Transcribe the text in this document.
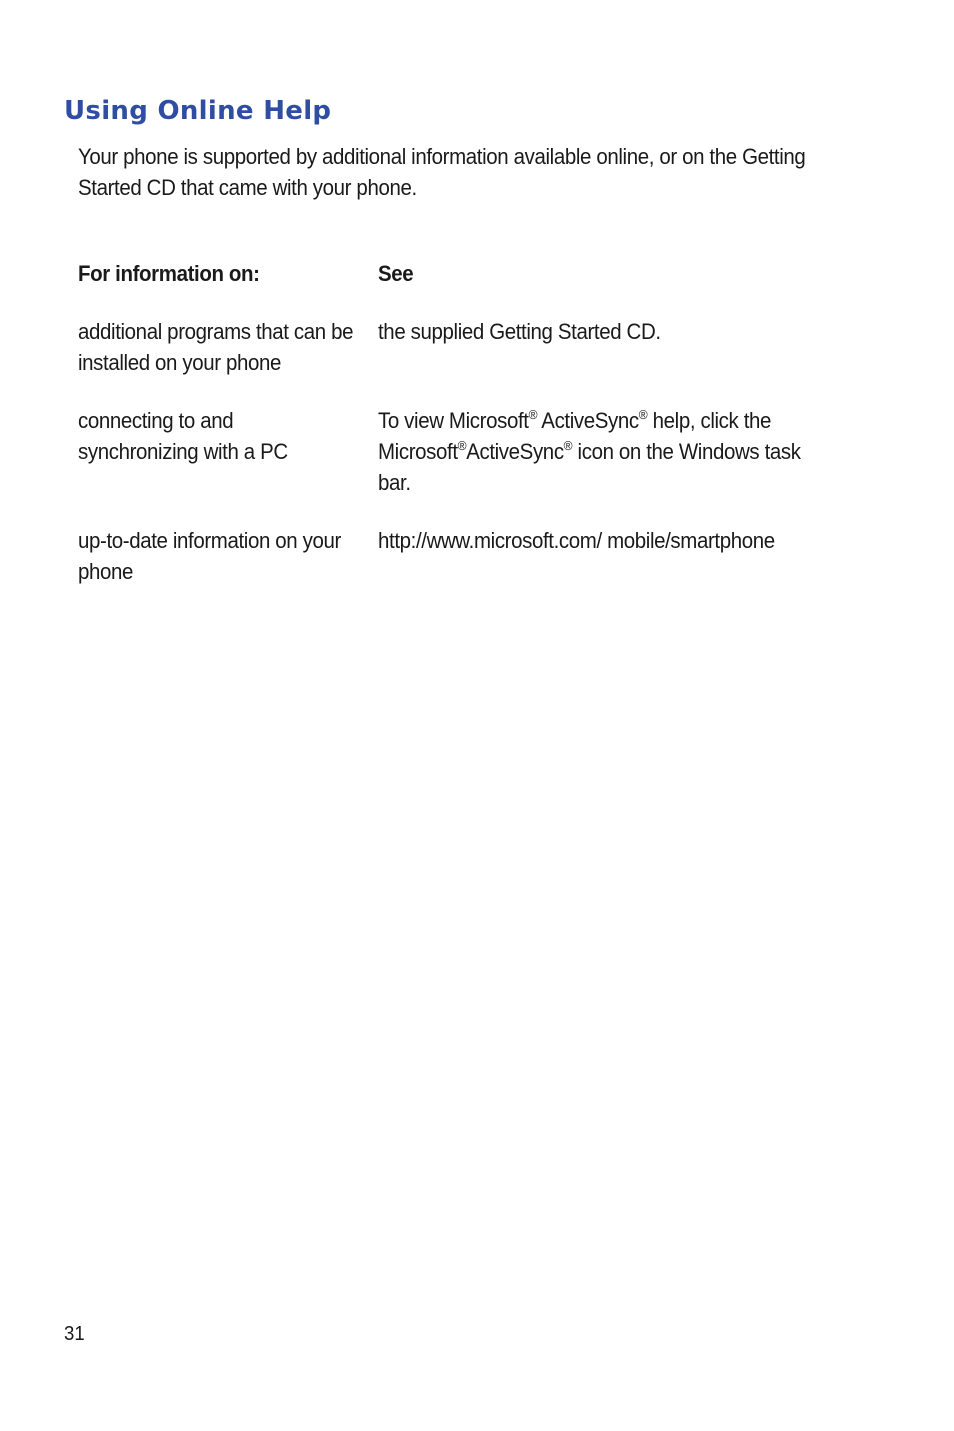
Using Online Help

Your phone is supported by additional information available online, or on the Getting Started CD that came with your phone.

For information on:	See
additional programs that can be installed on your phone	the supplied Getting Started CD.
connecting to and synchronizing with a PC	To view Microsoft® ActiveSync® help, click the Microsoft®ActiveSync® icon on the Windows task bar.
up-to-date information on your phone	http://www.microsoft.com/ mobile/smartphone
31
